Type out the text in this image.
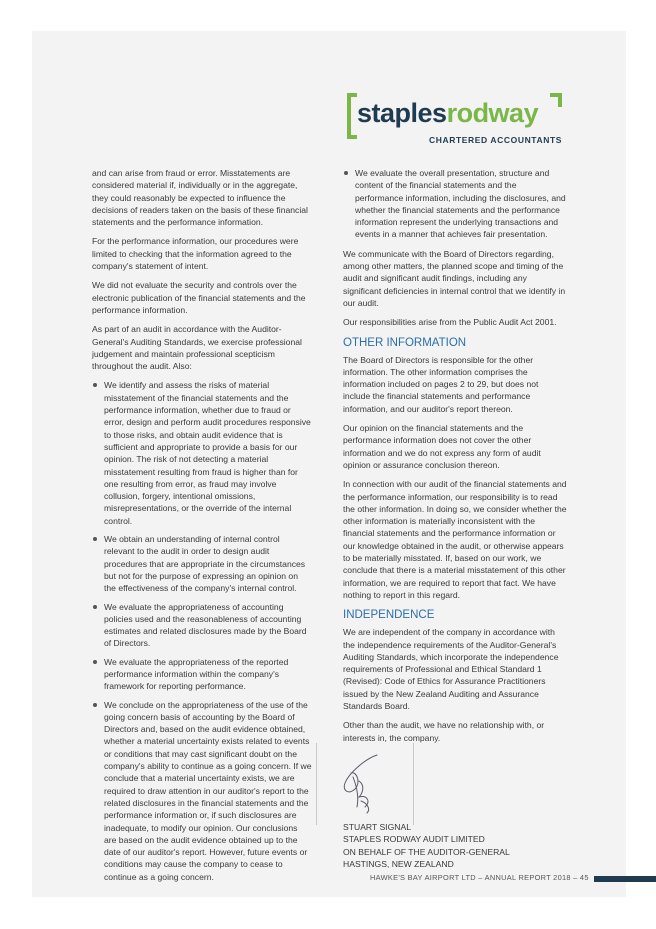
staplesrodway
CHARTERED ACCOUNTANTS

and can arise from fraud or error. Misstatements are considered material if, individually or in the aggregate, they could reasonably be expected to influence the decisions of readers taken on the basis of these financial statements and the performance information.

For the performance information, our procedures were limited to checking that the information agreed to the company's statement of intent.

We did not evaluate the security and controls over the electronic publication of the financial statements and the performance information.

As part of an audit in accordance with the Auditor-General's Auditing Standards, we exercise professional judgement and maintain professional scepticism throughout the audit. Also:

We identify and assess the risks of material misstatement of the financial statements and the performance information, whether due to fraud or error, design and perform audit procedures responsive to those risks, and obtain audit evidence that is sufficient and appropriate to provide a basis for our opinion. The risk of not detecting a material misstatement resulting from fraud is higher than for one resulting from error, as fraud may involve collusion, forgery, intentional omissions, misrepresentations, or the override of the internal control.
We obtain an understanding of internal control relevant to the audit in order to design audit procedures that are appropriate in the circumstances but not for the purpose of expressing an opinion on the effectiveness of the company's internal control.
We evaluate the appropriateness of accounting policies used and the reasonableness of accounting estimates and related disclosures made by the Board of Directors.
We evaluate the appropriateness of the reported performance information within the company's framework for reporting performance.
We conclude on the appropriateness of the use of the going concern basis of accounting by the Board of Directors and, based on the audit evidence obtained, whether a material uncertainty exists related to events or conditions that may cast significant doubt on the company's ability to continue as a going concern. If we conclude that a material uncertainty exists, we are required to draw attention in our auditor's report to the related disclosures in the financial statements and the performance information or, if such disclosures are inadequate, to modify our opinion. Our conclusions are based on the audit evidence obtained up to the date of our auditor's report. However, future events or conditions may cause the company to cease to continue as a going concern.
We evaluate the overall presentation, structure and content of the financial statements and the performance information, including the disclosures, and whether the financial statements and the performance information represent the underlying transactions and events in a manner that achieves fair presentation.

We communicate with the Board of Directors regarding, among other matters, the planned scope and timing of the audit and significant audit findings, including any significant deficiencies in internal control that we identify in our audit.

Our responsibilities arise from the Public Audit Act 2001.

OTHER INFORMATION

The Board of Directors is responsible for the other information. The other information comprises the information included on pages 2 to 29, but does not include the financial statements and performance information, and our auditor's report thereon.

Our opinion on the financial statements and the performance information does not cover the other information and we do not express any form of audit opinion or assurance conclusion thereon.

In connection with our audit of the financial statements and the performance information, our responsibility is to read the other information. In doing so, we consider whether the other information is materially inconsistent with the financial statements and the performance information or our knowledge obtained in the audit, or otherwise appears to be materially misstated. If, based on our work, we conclude that there is a material misstatement of this other information, we are required to report that fact. We have nothing to report in this regard.

INDEPENDENCE

We are independent of the company in accordance with the independence requirements of the Auditor-General's Auditing Standards, which incorporate the independence requirements of Professional and Ethical Standard 1 (Revised): Code of Ethics for Assurance Practitioners issued by the New Zealand Auditing and Assurance Standards Board.

Other than the audit, we have no relationship with, or interests in, the company.

STUART SIGNAL
STAPLES RODWAY AUDIT LIMITED
ON BEHALF OF THE AUDITOR-GENERAL
HASTINGS, NEW ZEALAND
HAWKE'S BAY AIRPORT LTD – ANNUAL REPORT 2018 – 45
